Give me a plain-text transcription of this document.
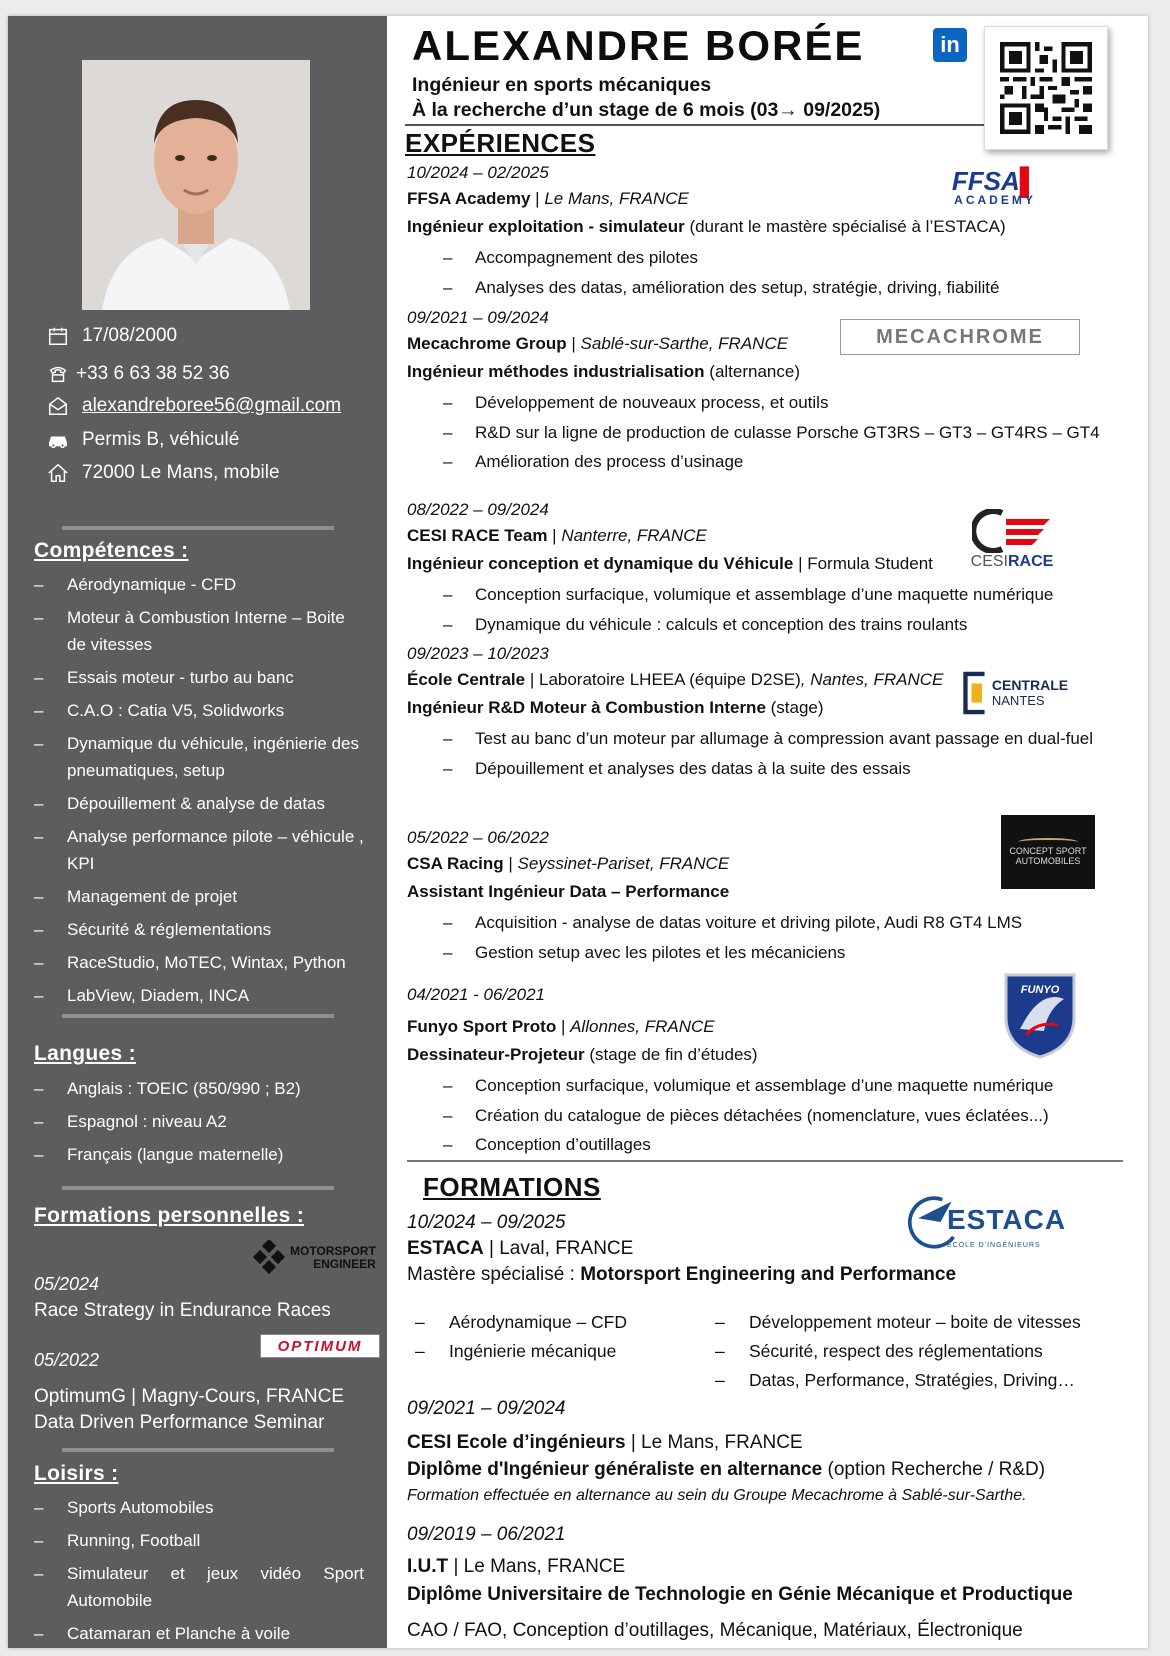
17/08/2000
+33 6 63 38 52 36
alexandreboree56@gmail.com
Permis B, véhiculé
72000 Le Mans, mobile
Compétences :
– Aérodynamique - CFD
– Moteur à Combustion Interne – Boite de vitesses
– Essais moteur - turbo au banc
– C.A.O : Catia V5, Solidworks
– Dynamique du véhicule, ingénierie des pneumatiques, setup
– Dépouillement & analyse de datas
– Analyse performance pilote – véhicule , KPI
– Management de projet
– Sécurité & réglementations
– RaceStudio, MoTEC, Wintax, Python
– LabView, Diadem, INCA
Langues :
– Anglais : TOEIC (850/990 ; B2)
– Espagnol : niveau A2
– Français (langue maternelle)
Formations personnelles :
MOTORSPORT
ENGINEER
05/2024
Race Strategy in Endurance Races
OPTIMUM
05/2022
OptimumG | Magny-Cours, FRANCE
Data Driven Performance Seminar
Loisirs :
– Sports Automobiles
– Running, Football
– Simulateur et jeux vidéo Sport Automobile
– Catamaran et Planche à voile
ALEXANDRE BORÉE
Ingénieur en sports mécaniques
À la recherche d’un stage de 6 mois (03→ 09/2025)
in
EXPÉRIENCES
10/2024 – 02/2025
FFSA Academy | Le Mans, FRANCE
Ingénieur exploitation - simulateur (durant le mastère spécialisé à l’ESTACA)
– Accompagnement des pilotes
– Analyses des datas, amélioration des setup, stratégie, driving, fiabilité
FFSA▌
ACADEMY
09/2021 – 09/2024
Mecachrome Group | Sablé-sur-Sarthe, FRANCE
Ingénieur méthodes industrialisation (alternance)
– Développement de nouveaux process, et outils
– R&D sur la ligne de production de culasse Porsche GT3RS – GT3 – GT4RS – GT4
– Amélioration des process d’usinage
MECACHROME
08/2022 – 09/2024
CESI RACE Team | Nanterre, FRANCE
Ingénieur conception et dynamique du Véhicule | Formula Student
– Conception surfacique, volumique et assemblage d’une maquette numérique
– Dynamique du véhicule : calculs et conception des trains roulants
CESIRACE
09/2023 – 10/2023
École Centrale | Laboratoire LHEEA (équipe D2SE), Nantes, FRANCE
Ingénieur R&D Moteur à Combustion Interne (stage)
– Test au banc d’un moteur par allumage à compression avant passage en dual-fuel
– Dépouillement et analyses des datas à la suite des essais
CENTRALE
NANTES
05/2022 – 06/2022
CSA Racing | Seyssinet-Pariset, FRANCE
Assistant Ingénieur Data – Performance
– Acquisition - analyse de datas voiture et driving pilote, Audi R8 GT4 LMS
– Gestion setup avec les pilotes et les mécaniciens
CONCEPT SPORT
AUTOMOBILES
04/2021 - 06/2021
Funyo Sport Proto | Allonnes, FRANCE
Dessinateur-Projeteur (stage de fin d’études)
– Conception surfacique, volumique et assemblage d’une maquette numérique
– Création du catalogue de pièces détachées (nomenclature, vues éclatées...)
– Conception d’outillages
FUNYO
FORMATIONS
ESTACA
ÉCOLE D'INGÉNIEURS
10/2024 – 09/2025
ESTACA | Laval, FRANCE
Mastère spécialisé : Motorsport Engineering and Performance
– Aérodynamique – CFD
– Ingénierie mécanique
– Développement moteur – boite de vitesses
– Sécurité, respect des réglementations
– Datas, Performance, Stratégies, Driving…
09/2021 – 09/2024
CESI Ecole d’ingénieurs | Le Mans, FRANCE
Diplôme d'Ingénieur généraliste en alternance (option Recherche / R&D)
Formation effectuée en alternance au sein du Groupe Mecachrome à Sablé-sur-Sarthe.
09/2019 – 06/2021
I.U.T | Le Mans, FRANCE
Diplôme Universitaire de Technologie en Génie Mécanique et Productique
CAO / FAO, Conception d’outillages, Mécanique, Matériaux, Électronique
